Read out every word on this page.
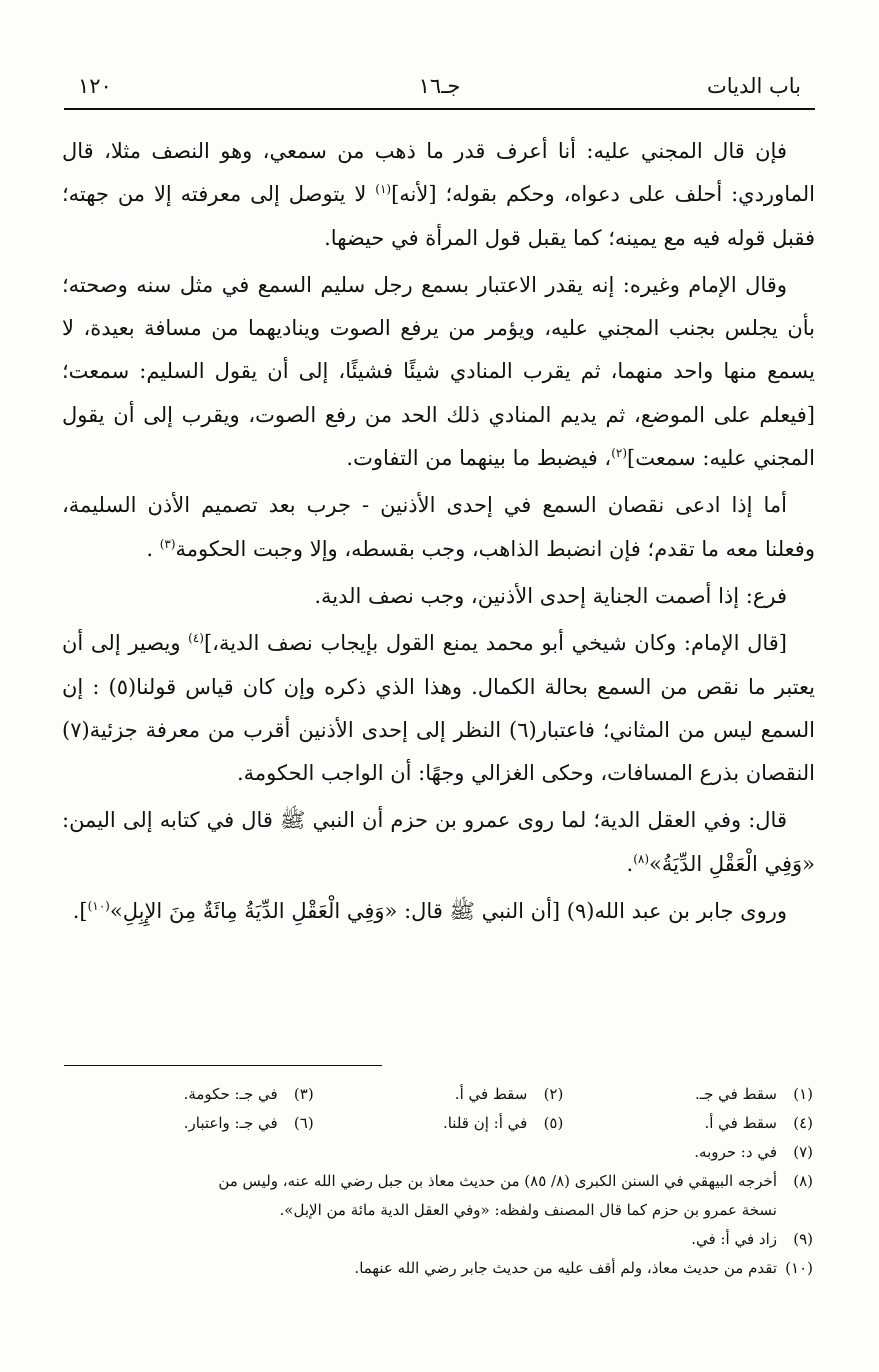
باب الديات
جـ١٦
١٢٠

فإن قال المجني عليه: أنا أعرف قدر ما ذهب من سمعي، وهو النصف مثلا، قال الماوردي: أحلف على دعواه، وحكم بقوله؛ [لأنه]$^{(١)}$ لا يتوصل إلى معرفته إلا من جهته؛ فقبل قوله فيه مع يمينه؛ كما يقبل قول المرأة في حيضها.

وقال الإمام وغيره: إنه يقدر الاعتبار بسمع رجل سليم السمع في مثل سنه وصحته؛ بأن يجلس بجنب المجني عليه، ويؤمر من يرفع الصوت ويناديهما من مسافة بعيدة، لا يسمع منها واحد منهما، ثم يقرب المنادي شيئًا فشيئًا، إلى أن يقول السليم: سمعت؛ [فيعلم على الموضع، ثم يديم المنادي ذلك الحد من رفع الصوت، ويقرب إلى أن يقول المجني عليه: سمعت]$^{(٢)}$، فيضبط ما بينهما من التفاوت.

أما إذا ادعى نقصان السمع في إحدى الأذنين - جرب بعد تصميم الأذن السليمة، وفعلنا معه ما تقدم؛ فإن انضبط الذاهب، وجب بقسطه، وإلا وجبت الحكومة$^{(٣)}$ .

فرع: إذا أصمت الجناية إحدى الأذنين، وجب نصف الدية.

[قال الإمام: وكان شيخي أبو محمد يمنع القول بإيجاب نصف الدية،]$^{(٤)}$ ويصير إلى أن يعتبر ما نقص من السمع بحالة الكمال. وهذا الذي ذكره وإن كان قياس قولنا(٥) : إن السمع ليس من المثاني؛ فاعتبار(٦) النظر إلى إحدى الأذنين أقرب من معرفة جزئية(٧) النقصان بذرع المسافات، وحكى الغزالي وجهًا: أن الواجب الحكومة.

قال: وفي العقل الدية؛ لما روى عمرو بن حزم أن النبي ﷺ قال في كتابه إلى اليمن: «وَفِي الْعَقْلِ الدِّيَةُ»$^{(٨)}$.

وروى جابر بن عبد الله(٩) [أن النبي ﷺ قال: «وَفِي الْعَقْلِ الدِّيَةُ مِائَةٌ مِنَ الإِبِلِ»$^{(١٠)}$].

(١)سقط في جـ.
(٢)سقط في أ.
(٣)في جـ: حكومة.
(٤)سقط في أ.
(٥)في أ: إن قلنا.
(٦)في جـ: واعتبار.
(٧)
في د: حروبه.
(٨)أخرجه البيهقي في السنن الكبرى (٨/ ٨٥) من حديث معاذ بن جبل رضي الله عنه، وليس من
نسخة عمرو بن حزم كما قال المصنف ولفظه: «وفي العقل الدية مائة من الإبل».
(٩)
زاد في أ: في.
(١٠)
تقدم من حديث معاذ، ولم أقف عليه من حديث جابر رضي الله عنهما.
